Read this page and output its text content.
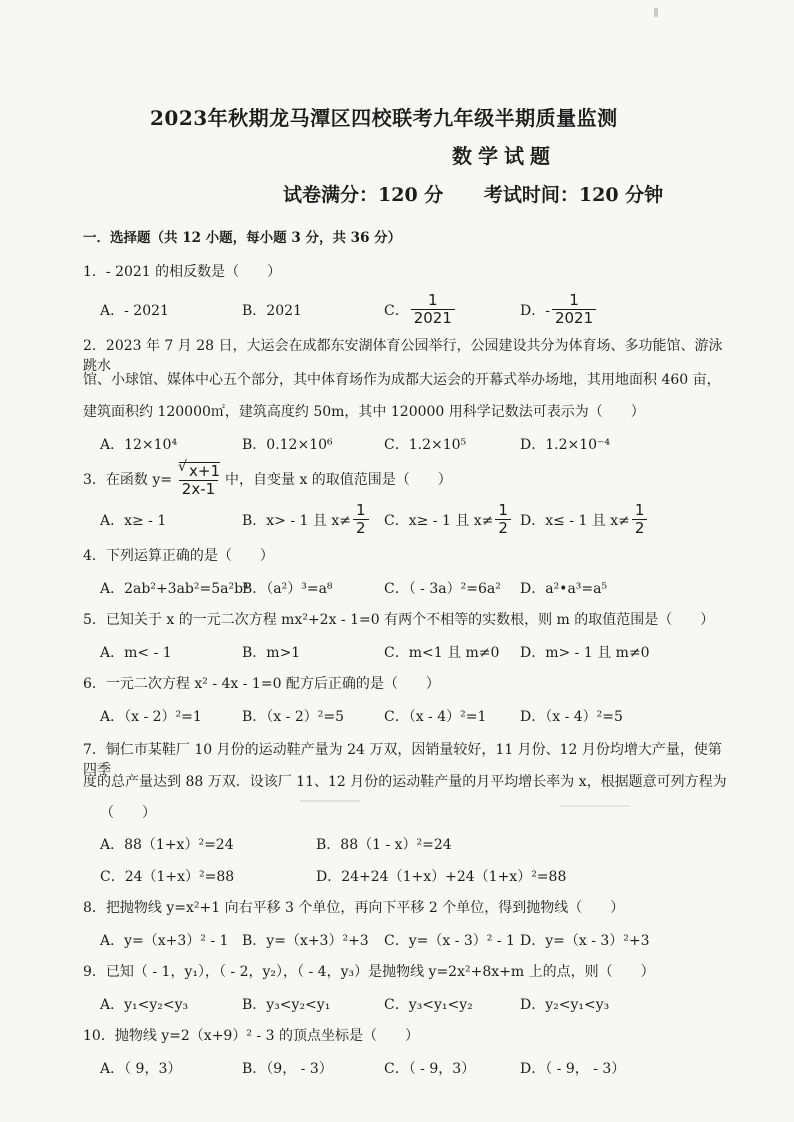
2023年秋期龙马潭区四校联考九年级半期质量监测
数学试题
试卷满分：120 分 考试时间：120 分钟
一．选择题（共 12 小题，每小题 3 分，共 36 分）
1．- 2021 的相反数是（　　）
A．- 2021	B．2021	C． $\frac{1}{2021}$	D．- $\frac{1}{2021}$
2．2023 年 7 月 28 日，大运会在成都东安湖体育公园举行，公园建设共分为体育场、多功能馆、游泳跳水
馆、小球馆、媒体中心五个部分，其中体育场作为成都大运会的开幕式举办场地，其用地面积 460 亩，
建筑面积约 120000㎡，建筑高度约 50m，其中 120000 用科学记数法可表示为（　　）
A．12×10⁴	B．0.12×10⁶	C．1.2×10⁵	D．1.2×10⁻⁴
3．在函数 $y= \frac{√ x+1}{2x-1}$ 中，自变量 x 的取值范围是（　　）
A．x≥ - 1	B．x> - 1 且 $x\ne \frac{1}{2}$ C．x≥ - 1 且 $x\ne \frac{1}{2}$ D．x≤ - 1 且 $x\ne \frac{1}{2}$
4．下列运算正确的是（　　）
A．2ab²+3ab²=5a²b⁴
B．（a²）³=a⁸	C．（ - 3a）²=6a² D．a²•a³=a⁵
5．已知关于 x 的一元二次方程 mx²+2x - 1=0 有两个不相等的实数根，则 m 的取值范围是（　　）
A．m< - 1	B．m>1	C．m<1 且 m≠0 D．m> - 1 且 m≠0
6．一元二次方程 x² - 4x - 1=0 配方后正确的是（　　）
A．（x - 2）²=1	B．（x - 2）²=5	C．（x - 4）²=1 D．（x - 4）²=5
7．铜仁市某鞋厂 10 月份的运动鞋产量为 24 万双，因销量较好，11 月份、12 月份均增大产量，使第四季
度的总产量达到 88 万双．设该厂 11、12 月份的运动鞋产量的月平均增长率为 x，根据题意可列方程为
（　　）
A．88（1+x）²=24	B．88（1 - x）²=24
C．24（1+x）²=88	D．24+24（1+x）+24（1+x）²=88
8．把抛物线 y=x²+1 向右平移 3 个单位，再向下平移 2 个单位，得到抛物线（　　）
A．y=（x+3）² - 1 B．y=（x+3）²+3 C．y=（x - 3）² - 1 D．y=（x - 3）²+3
9．已知（ - 1，y₁），（ - 2，y₂），（ - 4，y₃）是抛物线 y=2x²+8x+m 上的点，则（　　）
A．y₁<y₂<y₃	B．y₃<y₂<y₁	C．y₃<y₁<y₂	D．y₂<y₁<y₃
10．抛物线 y=2（x+9）² - 3 的顶点坐标是（　　）
A．（ 9，3）	B．（9， - 3）	C．（ - 9，3）	D．（ - 9， - 3）
